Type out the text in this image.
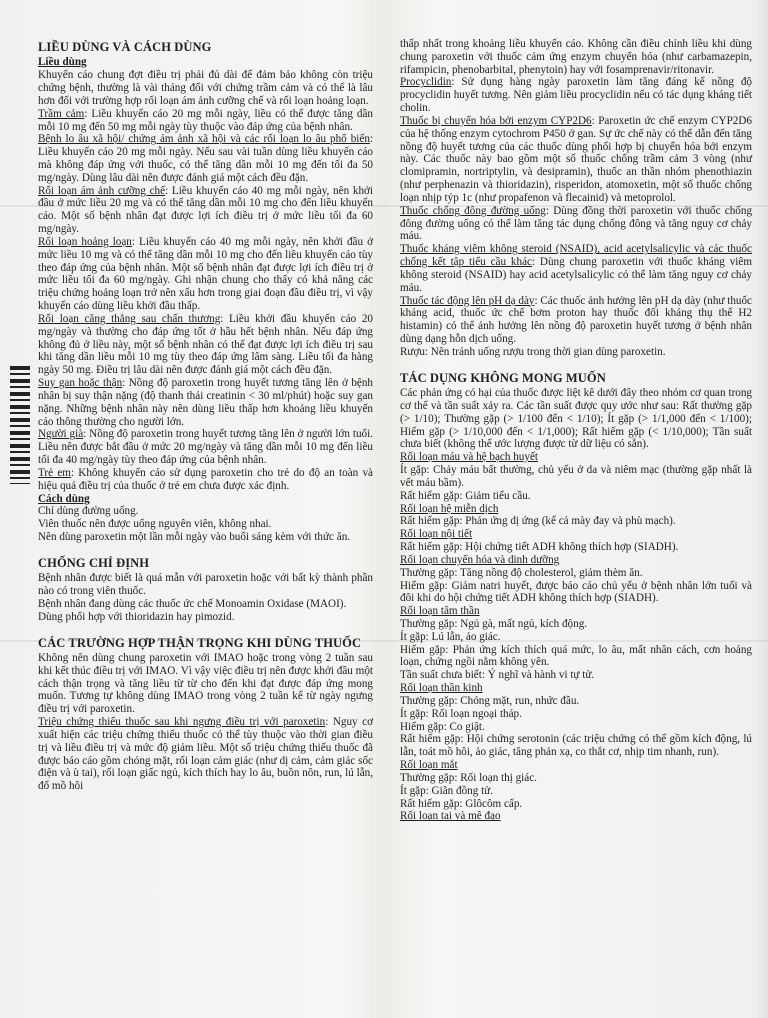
LIỀU DÙNG VÀ CÁCH DÙNG
Liều dùng

Khuyến cáo chung đợt điều trị phải đủ dài để đảm bảo không còn triệu chứng bệnh, thường là vài tháng đối với chứng trầm cảm và có thể là lâu hơn đối với trường hợp rối loạn ám ảnh cưỡng chế và rối loạn hoảng loạn.

Trầm cảm: Liều khuyến cáo 20 mg mỗi ngày, liều có thể được tăng dần mỗi 10 mg đến 50 mg mỗi ngày tùy thuộc vào đáp ứng của bệnh nhân.

Bệnh lo âu xã hội/ chứng ám ảnh xã hội và các rối loạn lo âu phổ biến: Liều khuyến cáo 20 mg mỗi ngày. Nếu sau vài tuần dùng liều khuyến cáo mà không đáp ứng với thuốc, có thể tăng dần mỗi 10 mg đến tối đa 50 mg/ngày. Dùng lâu dài nên được đánh giá một cách đều đặn.

Rối loạn ám ảnh cưỡng chế: Liều khuyến cáo 40 mg mỗi ngày, nên khởi đầu ở mức liều 20 mg và có thể tăng dần mỗi 10 mg cho đến liều khuyến cáo. Một số bệnh nhân đạt được lợi ích điều trị ở mức liều tối đa 60 mg/ngày.

Rối loạn hoảng loạn: Liều khuyến cáo 40 mg mỗi ngày, nên khởi đầu ở mức liều 10 mg và có thể tăng dần mỗi 10 mg cho đến liều khuyến cáo tùy theo đáp ứng của bệnh nhân. Một số bệnh nhân đạt được lợi ích điều trị ở mức liều tối đa 60 mg/ngày. Ghi nhận chung cho thấy có khả năng các triệu chứng hoảng loạn trở nên xấu hơn trong giai đoạn đầu điều trị, vì vậy khuyến cáo dùng liều khởi đầu thấp.

Rối loạn căng thẳng sau chấn thương: Liều khởi đầu khuyến cáo 20 mg/ngày và thường cho đáp ứng tốt ở hầu hết bệnh nhân. Nếu đáp ứng không đủ ở liều này, một số bệnh nhân có thể đạt được lợi ích điều trị sau khi tăng dần liều mỗi 10 mg tùy theo đáp ứng lâm sàng. Liều tối đa hàng ngày 50 mg. Điều trị lâu dài nên được đánh giá một cách đều đặn.

Suy gan hoặc thận: Nồng độ paroxetin trong huyết tương tăng lên ở bệnh nhân bị suy thận nặng (độ thanh thải creatinin < 30 ml/phút) hoặc suy gan nặng. Những bệnh nhân này nên dùng liều thấp hơn khoảng liều khuyến cáo thông thường cho người lớn.

Người già: Nồng độ paroxetin trong huyết tương tăng lên ở người lớn tuổi. Liều nên được bắt đầu ở mức 20 mg/ngày và tăng dần mỗi 10 mg đến liều tối đa 40 mg/ngày tùy theo đáp ứng của bệnh nhân.

Trẻ em: Không khuyến cáo sử dụng paroxetin cho trẻ do độ an toàn và hiệu quả điều trị của thuốc ở trẻ em chưa được xác định.

Cách dùng

Chỉ dùng đường uống.

Viên thuốc nên được uống nguyên viên, không nhai.

Nên dùng paroxetin một lần mỗi ngày vào buổi sáng kèm với thức ăn.

CHỐNG CHỈ ĐỊNH

Bệnh nhân được biết là quá mẫn với paroxetin hoặc với bất kỳ thành phần nào có trong viên thuốc.

Bệnh nhân đang dùng các thuốc ức chế Monoamin Oxidase (MAOI).

Dùng phối hợp với thioridazin hay pimozid.

CÁC TRƯỜNG HỢP THẬN TRỌNG KHI DÙNG THUỐC

Không nên dùng chung paroxetin với IMAO hoặc trong vòng 2 tuần sau khi kết thúc điều trị với IMAO. Vì vậy việc điều trị nên được khởi đầu một cách thận trọng và tăng liều từ từ cho đến khi đạt được đáp ứng mong muốn. Tương tự không dùng IMAO trong vòng 2 tuần kể từ ngày ngưng điều trị với paroxetin.

Triệu chứng thiếu thuốc sau khi ngưng điều trị với paroxetin: Nguy cơ xuất hiện các triệu chứng thiếu thuốc có thể tùy thuộc vào thời gian điều trị và liều điều trị và mức độ giảm liều. Một số triệu chứng thiếu thuốc đã được báo cáo gồm chóng mặt, rối loạn cảm giác (như dị cảm, cảm giác sốc điện và ù tai), rối loạn giấc ngủ, kích thích hay lo âu, buồn nôn, run, lú lẫn, đổ mồ hôi

thấp nhất trong khoảng liều khuyến cáo. Không cần điều chỉnh liều khi dùng chung paroxetin với thuốc cảm ứng enzym chuyển hóa (như carbamazepin, rifampicin, phenobarbital, phenytoin) hay với fosamprenavir/ritonavir.

Procyclidin: Sử dụng hàng ngày paroxetin làm tăng đáng kể nồng độ procyclidin huyết tương. Nên giảm liều procyclidin nếu có tác dụng kháng tiết cholin.

Thuốc bị chuyển hóa bởi enzym CYP2D6: Paroxetin ức chế enzym CYP2D6 của hệ thống enzym cytochrom P450 ở gan. Sự ức chế này có thể dẫn đến tăng nồng độ huyết tương của các thuốc dùng phối hợp bị chuyển hóa bởi enzym này. Các thuốc này bao gồm một số thuốc chống trầm cảm 3 vòng (như clomipramin, nortriptylin, và desipramin), thuốc an thần nhóm phenothiazin (như perphenazin và thioridazin), risperidon, atomoxetin, một số thuốc chống loạn nhịp týp 1c (như propafenon và flecainid) và metoprolol.

Thuốc chống đông đường uống: Dùng đồng thời paroxetin với thuốc chống đông đường uống có thể làm tăng tác dụng chống đông và tăng nguy cơ chảy máu.

Thuốc kháng viêm không steroid (NSAID), acid acetylsalicylic và các thuốc chống kết tập tiểu cầu khác: Dùng chung paroxetin với thuốc kháng viêm không steroid (NSAID) hay acid acetylsalicylic có thể làm tăng nguy cơ chảy máu.

Thuốc tác động lên pH dạ dày: Các thuốc ảnh hưởng lên pH dạ dày (như thuốc kháng acid, thuốc ức chế bơm proton hay thuốc đối kháng thụ thể H2 histamin) có thể ảnh hưởng lên nồng độ paroxetin huyết tương ở bệnh nhân dùng dạng hỗn dịch uống.

Rượu: Nên tránh uống rượu trong thời gian dùng paroxetin.

TÁC DỤNG KHÔNG MONG MUỐN

Các phản ứng có hại của thuốc được liệt kê dưới đây theo nhóm cơ quan trong cơ thể và tần suất xảy ra. Các tần suất được quy ước như sau: Rất thường gặp (> 1/10); Thường gặp (> 1/100 đến < 1/10); Ít gặp (> 1/1,000 đến < 1/100); Hiếm gặp (> 1/10,000 đến < 1/1,000); Rất hiếm gặp (< 1/10,000); Tần suất chưa biết (không thể ước lượng được từ dữ liệu có sẵn).

Rối loạn máu và hệ bạch huyết

Ít gặp: Chảy máu bất thường, chủ yếu ở da và niêm mạc (thường gặp nhất là vết máu bầm).

Rất hiếm gặp: Giảm tiểu cầu.

Rối loạn hệ miễn dịch

Rất hiếm gặp: Phản ứng dị ứng (kể cả mày đay và phù mạch).

Rối loạn nội tiết

Rất hiếm gặp: Hội chứng tiết ADH không thích hợp (SIADH).

Rối loạn chuyển hóa và dinh dưỡng

Thường gặp: Tăng nồng độ cholesterol, giảm thèm ăn.

Hiếm gặp: Giảm natri huyết, được báo cáo chủ yếu ở bệnh nhân lớn tuổi và đôi khi do hội chứng tiết ADH không thích hợp (SIADH).

Rối loạn tâm thần

Thường gặp: Ngủ gà, mất ngủ, kích động.

Ít gặp: Lú lẫn, ảo giác.

Hiếm gặp: Phản ứng kích thích quá mức, lo âu, mất nhân cách, cơn hoảng loạn, chứng ngồi nằm không yên.

Tần suất chưa biết: Ý nghĩ và hành vi tự tử.

Rối loạn thần kinh

Thường gặp: Chóng mặt, run, nhức đầu.

Ít gặp: Rối loạn ngoại tháp.

Hiếm gặp: Co giật.

Rất hiếm gặp: Hội chứng serotonin (các triệu chứng có thể gồm kích động, lú lẫn, toát mồ hôi, ảo giác, tăng phản xạ, co thắt cơ, nhịp tim nhanh, run).

Rối loạn mắt

Thường gặp: Rối loạn thị giác.

Ít gặp: Giãn đồng tử.

Rất hiếm gặp: Glôcôm cấp.

Rối loạn tai và mê đạo
